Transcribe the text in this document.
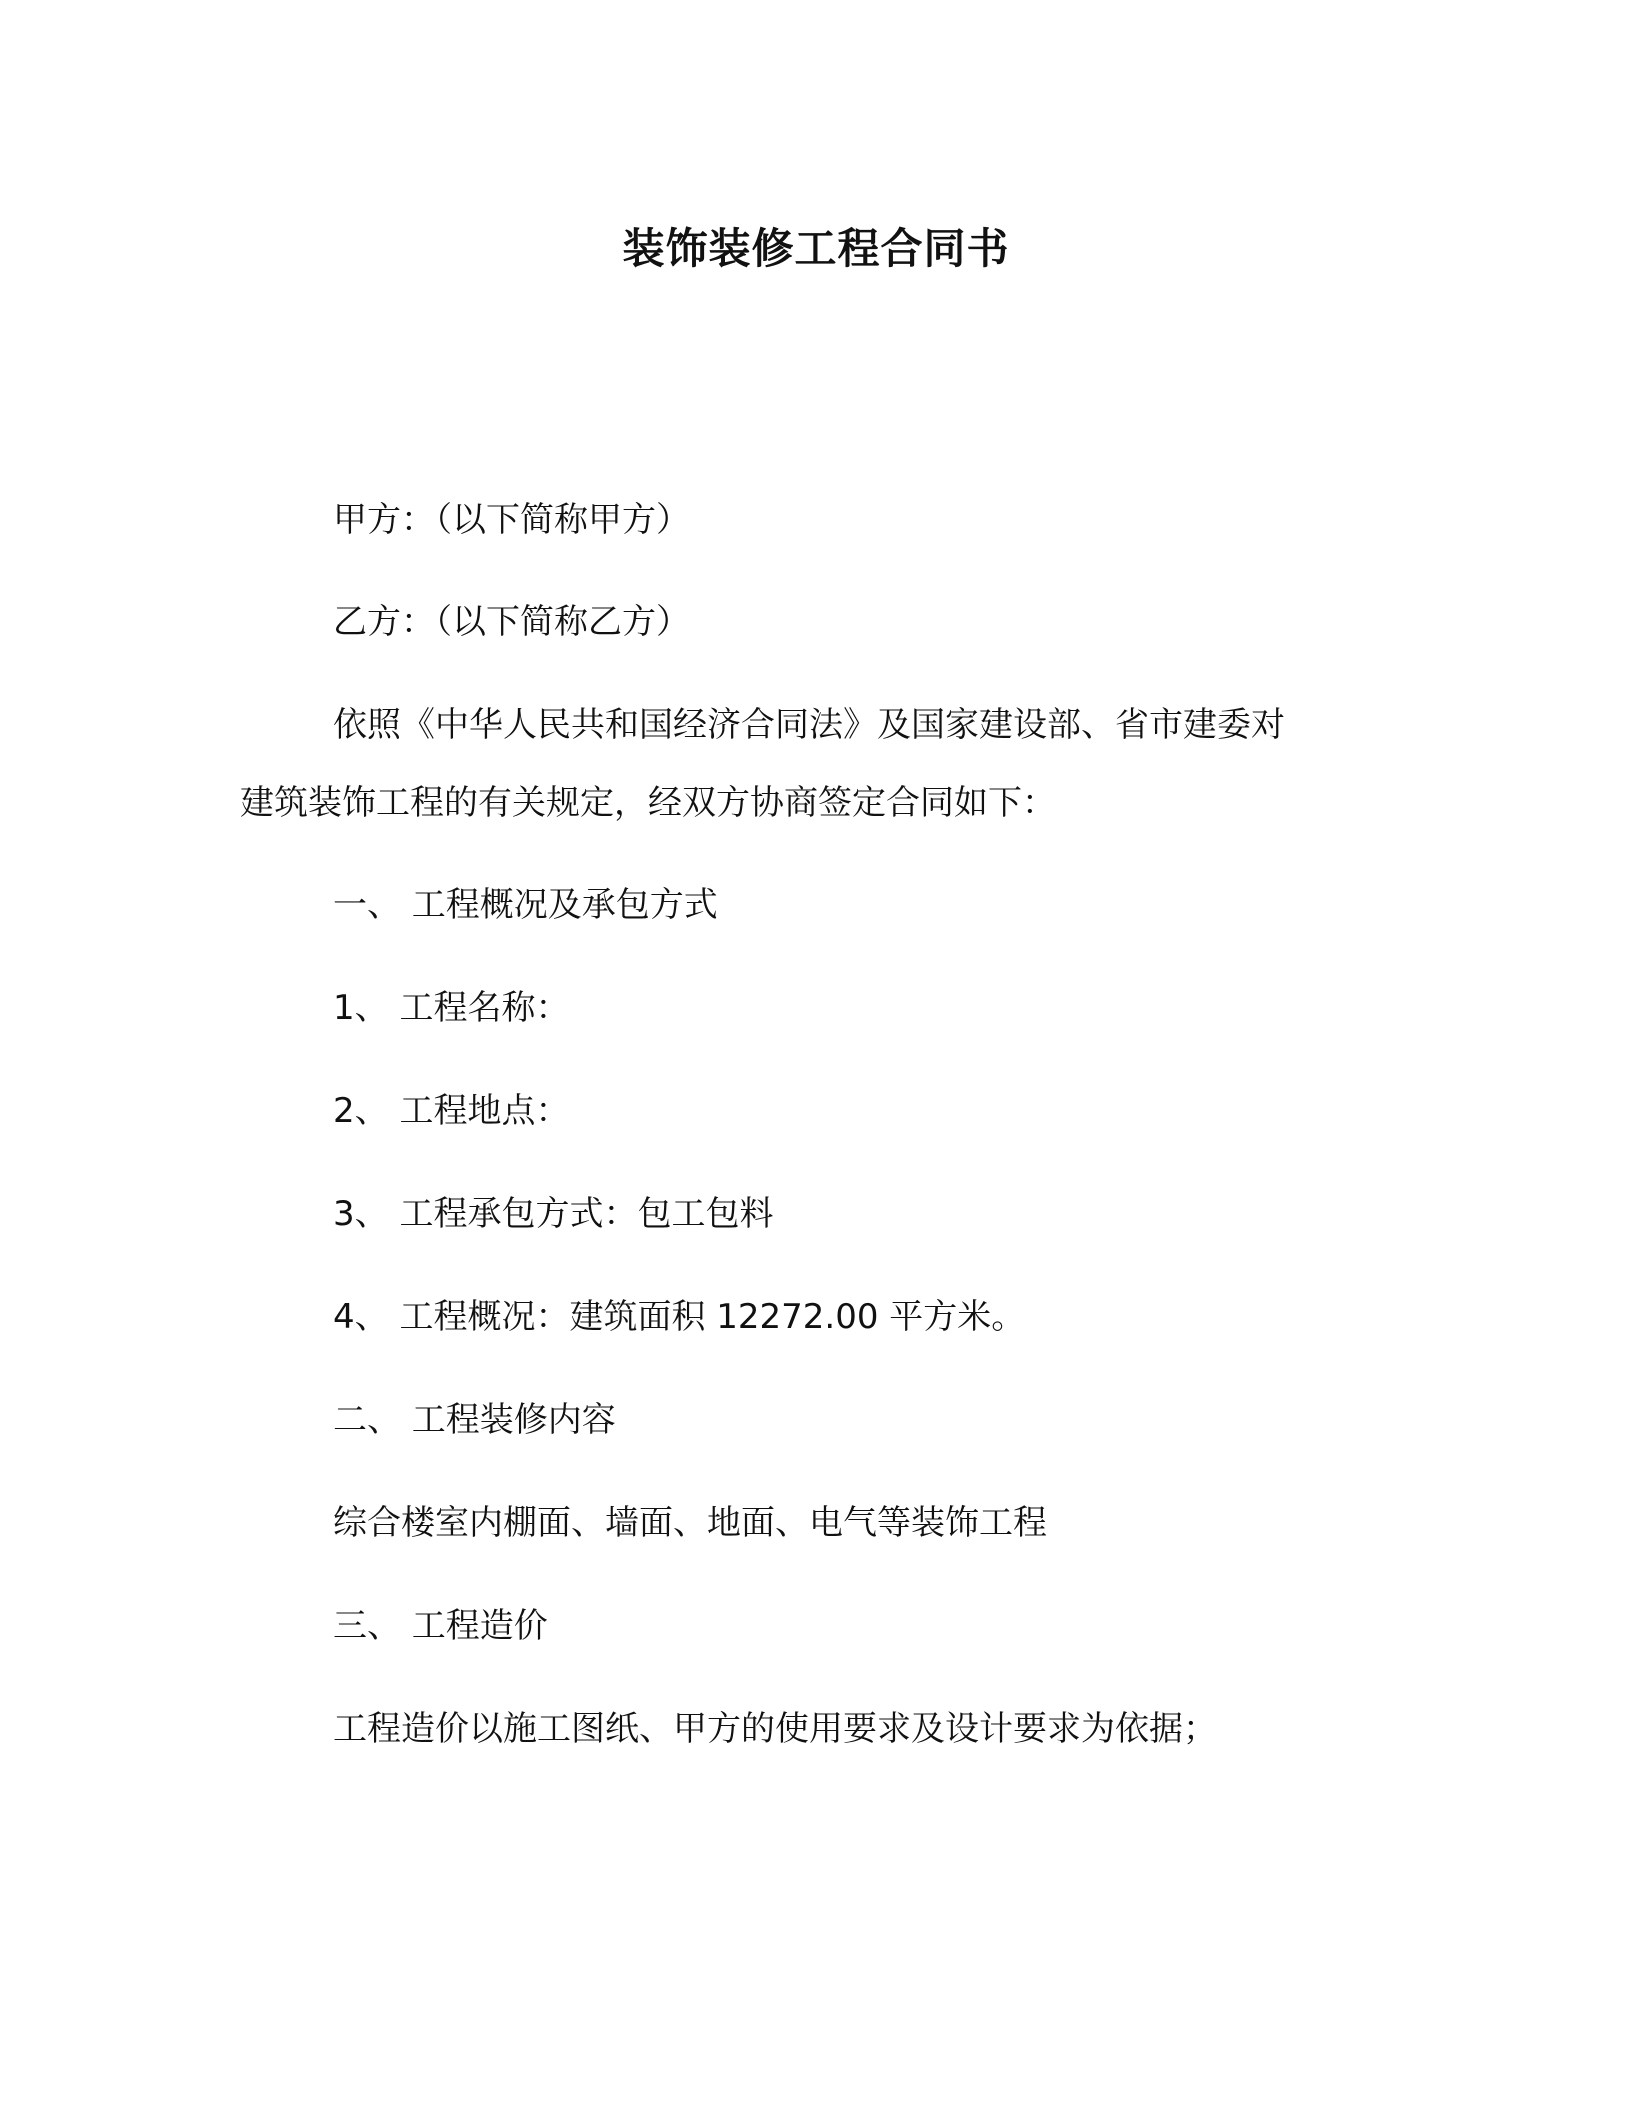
装饰装修工程合同书
甲方：（以下简称甲方）
乙方：（以下简称乙方）
依照《中华人民共和国经济合同法》及国家建设部、省市建委对
建筑装饰工程的有关规定，经双方协商签定合同如下：
一、 工程概况及承包方式
1、 工程名称：
2、 工程地点：
3、 工程承包方式：包工包料
4、 工程概况：建筑面积 12272.00 平方米。
二、 工程装修内容
综合楼室内棚面、墙面、地面、电气等装饰工程
三、 工程造价
工程造价以施工图纸、甲方的使用要求及设计要求为依据；
